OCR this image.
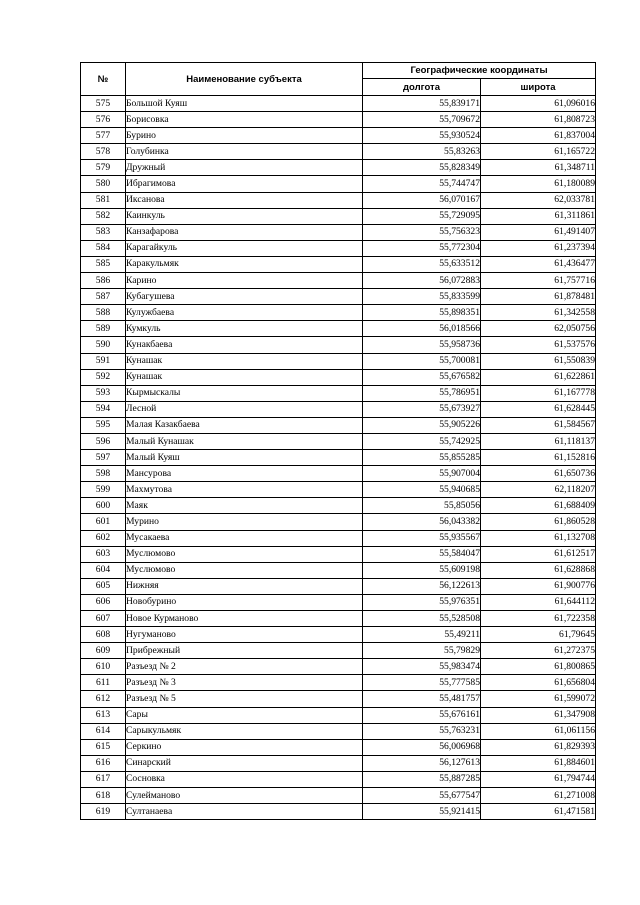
№	Наименование субъекта	Географические координаты	
		долгота	широта
575	Большой Куяш	55,839171	61,096016
576	Борисовка	55,709672	61,808723
577	Бурино	55,930524	61,837004
578	Голубинка	55,83263	61,165722
579	Дружный	55,828349	61,348711
580	Ибрагимова	55,744747	61,180089
581	Иксанова	56,070167	62,033781
582	Каинкуль	55,729095	61,311861
583	Канзафарова	55,756323	61,491407
584	Карагайкуль	55,772304	61,237394
585	Каракульмяк	55,633512	61,436477
586	Карино	56,072883	61,757716
587	Кубагушева	55,833599	61,878481
588	Кулужбаева	55,898351	61,342558
589	Кумкуль	56,018566	62,050756
590	Кунакбаева	55,958736	61,537576
591	Кунашак	55,700081	61,550839
592	Кунашак	55,676582	61,622861
593	Кырмыскалы	55,786951	61,167778
594	Лесной	55,673927	61,628445
595	Малая Казакбаева	55,905226	61,584567
596	Малый Кунашак	55,742925	61,118137
597	Малый Куяш	55,855285	61,152816
598	Мансурова	55,907004	61,650736
599	Махмутова	55,940685	62,118207
600	Маяк	55,85056	61,688409
601	Мурино	56,043382	61,860528
602	Мусакаева	55,935567	61,132708
603	Муслюмово	55,584047	61,612517
604	Муслюмово	55,609198	61,628868
605	Нижняя	56,122613	61,900776
606	Новобурино	55,976351	61,644112
607	Новое Курманово	55,528508	61,722358
608	Нугуманово	55,49211	61,79645
609	Прибрежный	55,79829	61,272375
610	Разъезд № 2	55,983474	61,800865
611	Разъезд № 3	55,777585	61,656804
612	Разъезд № 5	55,481757	61,599072
613	Сары	55,676161	61,347908
614	Сарыкульмяк	55,763231	61,061156
615	Серкино	56,006968	61,829393
616	Синарский	56,127613	61,884601
617	Сосновка	55,887285	61,794744
618	Сулейманово	55,677547	61,271008
619	Султанаева	55,921415	61,471581
